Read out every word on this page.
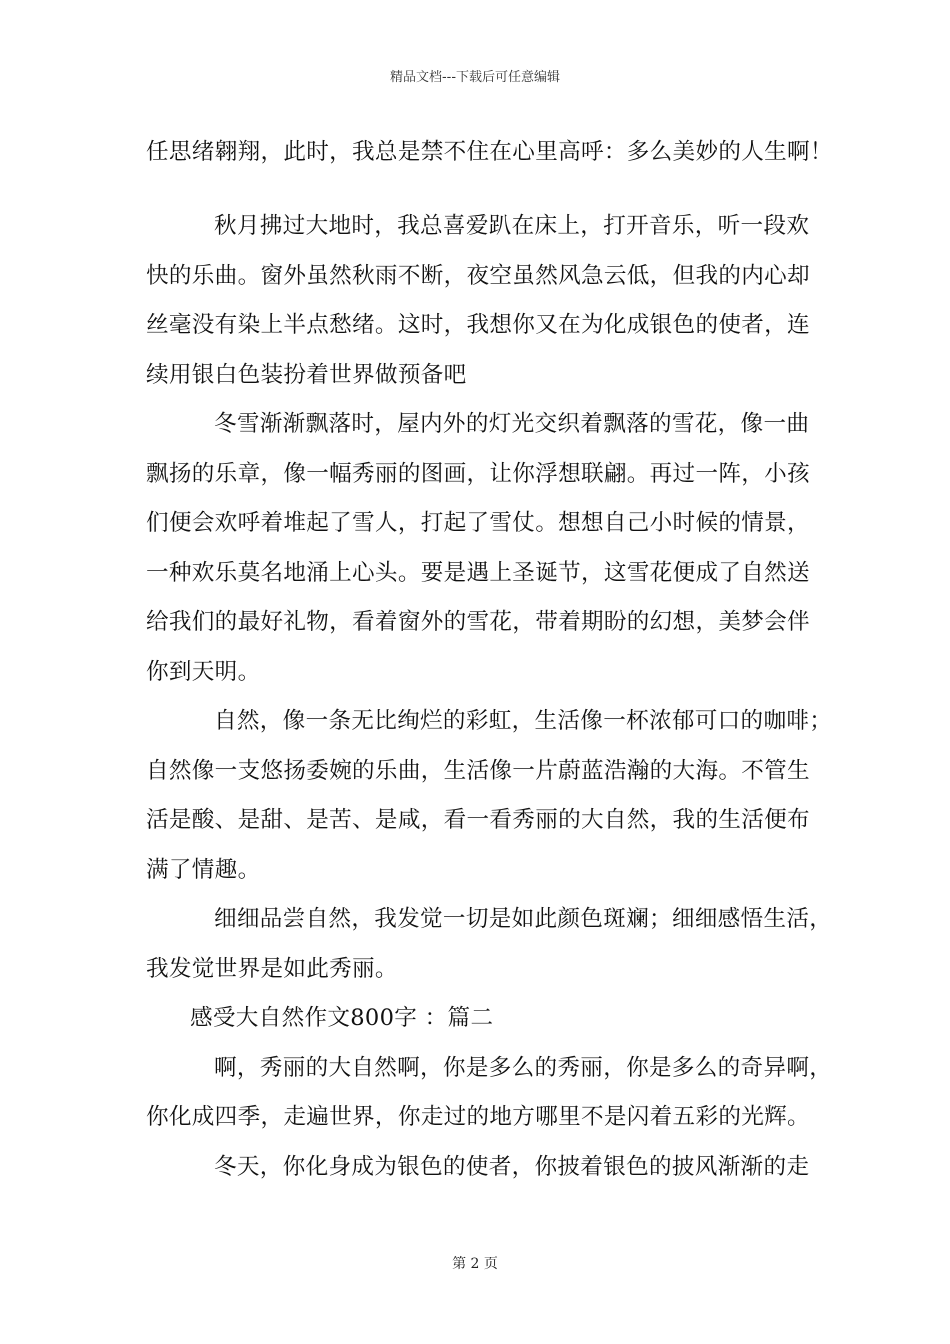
精品文档---下载后可任意编辑

任思绪翱翔，此时，我总是禁不住在心里高呼：多么美妙的人生啊！

秋月拂过大地时，我总喜爱趴在床上，打开音乐，听一段欢

快的乐曲。窗外虽然秋雨不断，夜空虽然风急云低，但我的内心却

丝毫没有染上半点愁绪。这时，我想你又在为化成银色的使者，连

续用银白色装扮着世界做预备吧

冬雪渐渐飘落时，屋内外的灯光交织着飘落的雪花，像一曲

飘扬的乐章，像一幅秀丽的图画，让你浮想联翩。再过一阵，小孩

们便会欢呼着堆起了雪人，打起了雪仗。想想自己小时候的情景，

一种欢乐莫名地涌上心头。要是遇上圣诞节，这雪花便成了自然送

给我们的最好礼物，看着窗外的雪花，带着期盼的幻想，美梦会伴

你到天明。

自然，像一条无比绚烂的彩虹，生活像一杯浓郁可口的咖啡；

自然像一支悠扬委婉的乐曲，生活像一片蔚蓝浩瀚的大海。不管生

活是酸、是甜、是苦、是咸，看一看秀丽的大自然，我的生活便布

满了情趣。

细细品尝自然，我发觉一切是如此颜色斑斓；细细感悟生活，

我发觉世界是如此秀丽。

感受大自然作文800字 ：篇二

啊，秀丽的大自然啊，你是多么的秀丽，你是多么的奇异啊，

你化成四季，走遍世界，你走过的地方哪里不是闪着五彩的光辉。

冬天，你化身成为银色的使者，你披着银色的披风渐渐的走

第 2 页
